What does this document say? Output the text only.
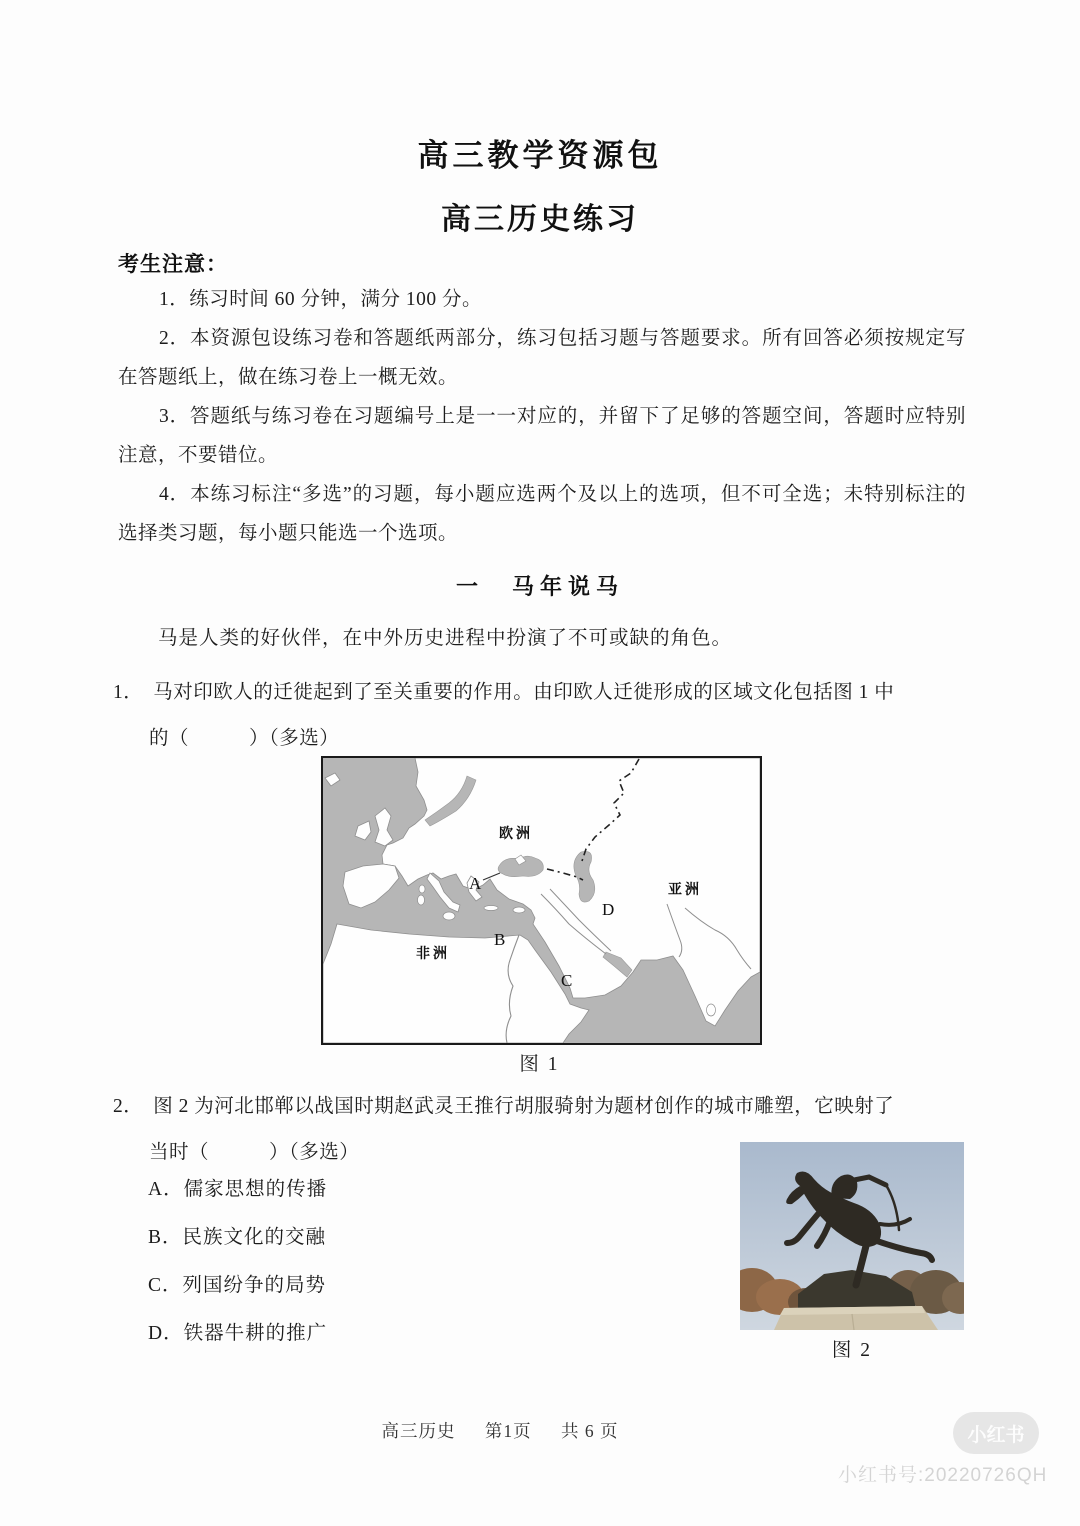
高三教学资源包
高三历史练习
考生注意：
1．练习时间 60 分钟，满分 100 分。
2．本资源包设练习卷和答题纸两部分，练习包括习题与答题要求。所有回答必须按规定写在答题纸上，做在练习卷上一概无效。
3．答题纸与练习卷在习题编号上是一一对应的，并留下了足够的答题空间，答题时应特别注意，不要错位。
4．本练习标注“多选”的习题，每小题应选两个及以上的选项，但不可全选；未特别标注的选择类习题，每小题只能选一个选项。
一　马年说马
马是人类的好伙伴，在中外历史进程中扮演了不可或缺的角色。
1． 马对印欧人的迁徙起到了至关重要的作用。由印欧人迁徙形成的区域文化包括图 1 中
的（　　　）（多选）
欧洲
亚洲
非洲
A
B
C
D
图 1
2． 图 2 为河北邯郸以战国时期赵武灵王推行胡服骑射为题材创作的城市雕塑，它映射了
当时（　　　）（多选）
A．儒家思想的传播
B．民族文化的交融
C．列国纷争的局势
D．铁器牛耕的推广
图 2
高三历史 第1页 共 6 页	小红书
小红书号:20220726QH
